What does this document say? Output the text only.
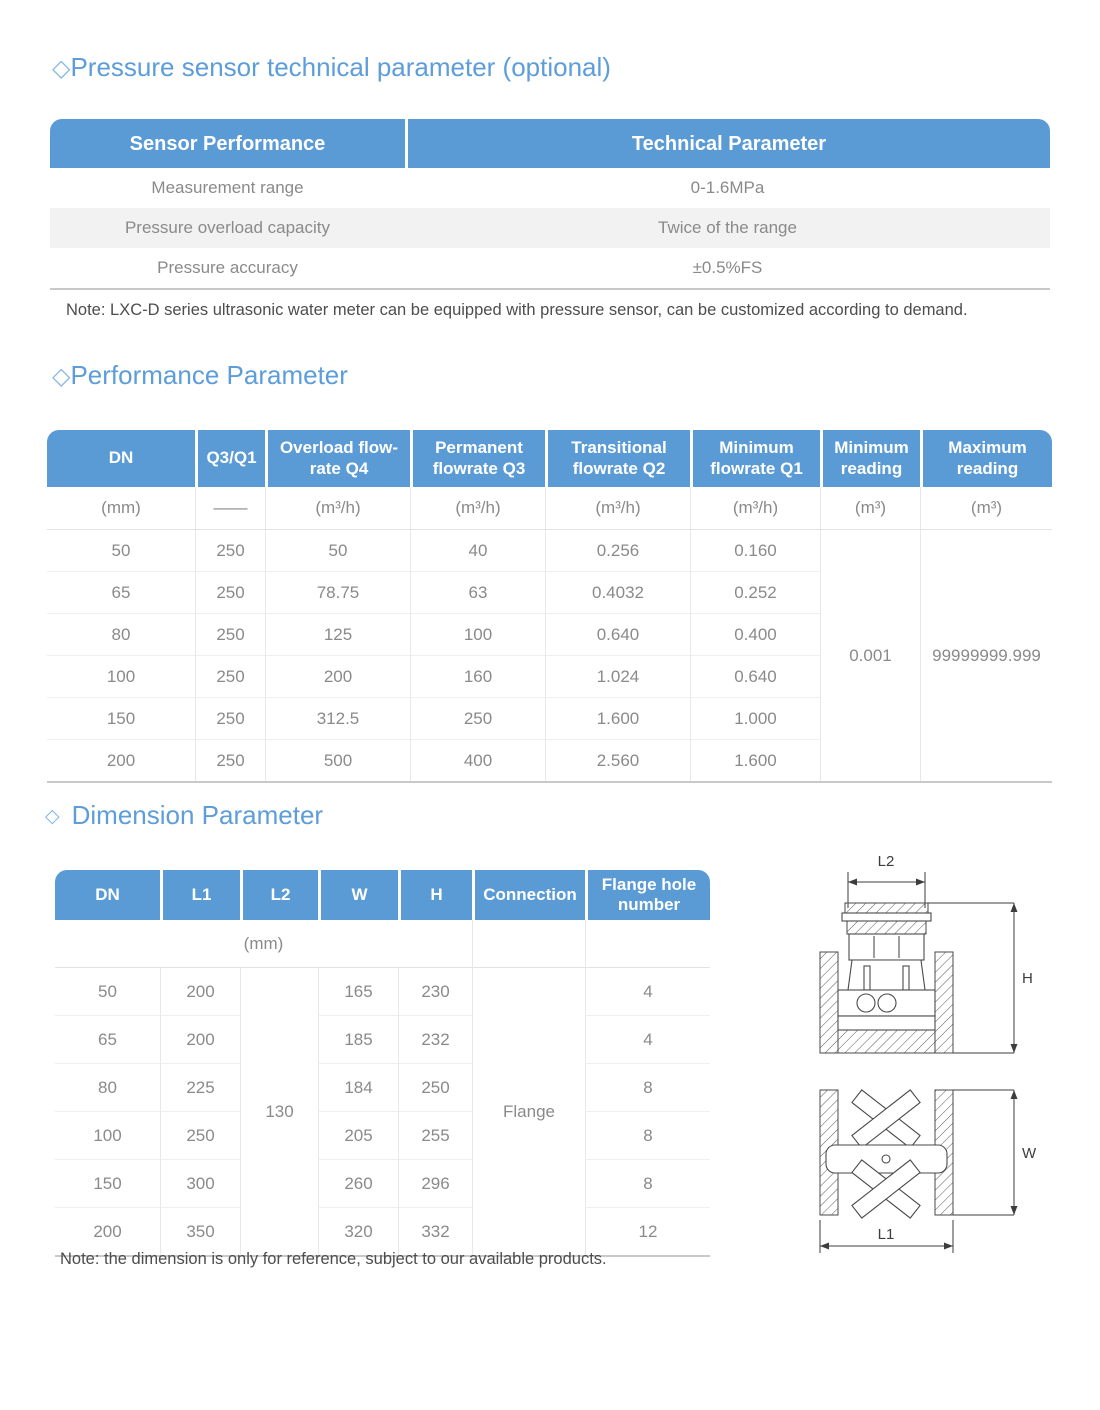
◇Pressure sensor technical parameter (optional)
Sensor Performance	Technical Parameter
Measurement range	0-1.6MPa
Pressure overload capacity	Twice of the range
Pressure accuracy	±0.5%FS
Note: LXC-D series ultrasonic water meter can be equipped with pressure sensor, can be customized according to demand.
◇Performance Parameter
DN	Q3/Q1	Overload flow-rate Q4	Permanent flowrate Q3	Transitional flowrate Q2	Minimum flowrate Q1	Minimum reading	Maximum reading
(mm)	——	(m³/h)	(m³/h)	(m³/h)	(m³/h)	(m³)	(m³)
50	250	50	40	0.256	0.160	0.001	99999999.999
65	250	78.75	63	0.4032	0.252		
80	250	125	100	0.640	0.400		
100	250	200	160	1.024	0.640		
150	250	312.5	250	1.600	1.000		
200	250	500	400	2.560	1.600		
◇ Dimension Parameter
DN	L1	L2	W	H	Connection	Flange hole number
(mm)						
50	200	130	165	230	Flange	4
65	200		185	232		4
80	225		184	250		8
100	250		205	255		8
150	300		260	296		8
200	350		320	332		12
Note: the dimension is only for reference, subject to our available products.
L2
H
W
L1
